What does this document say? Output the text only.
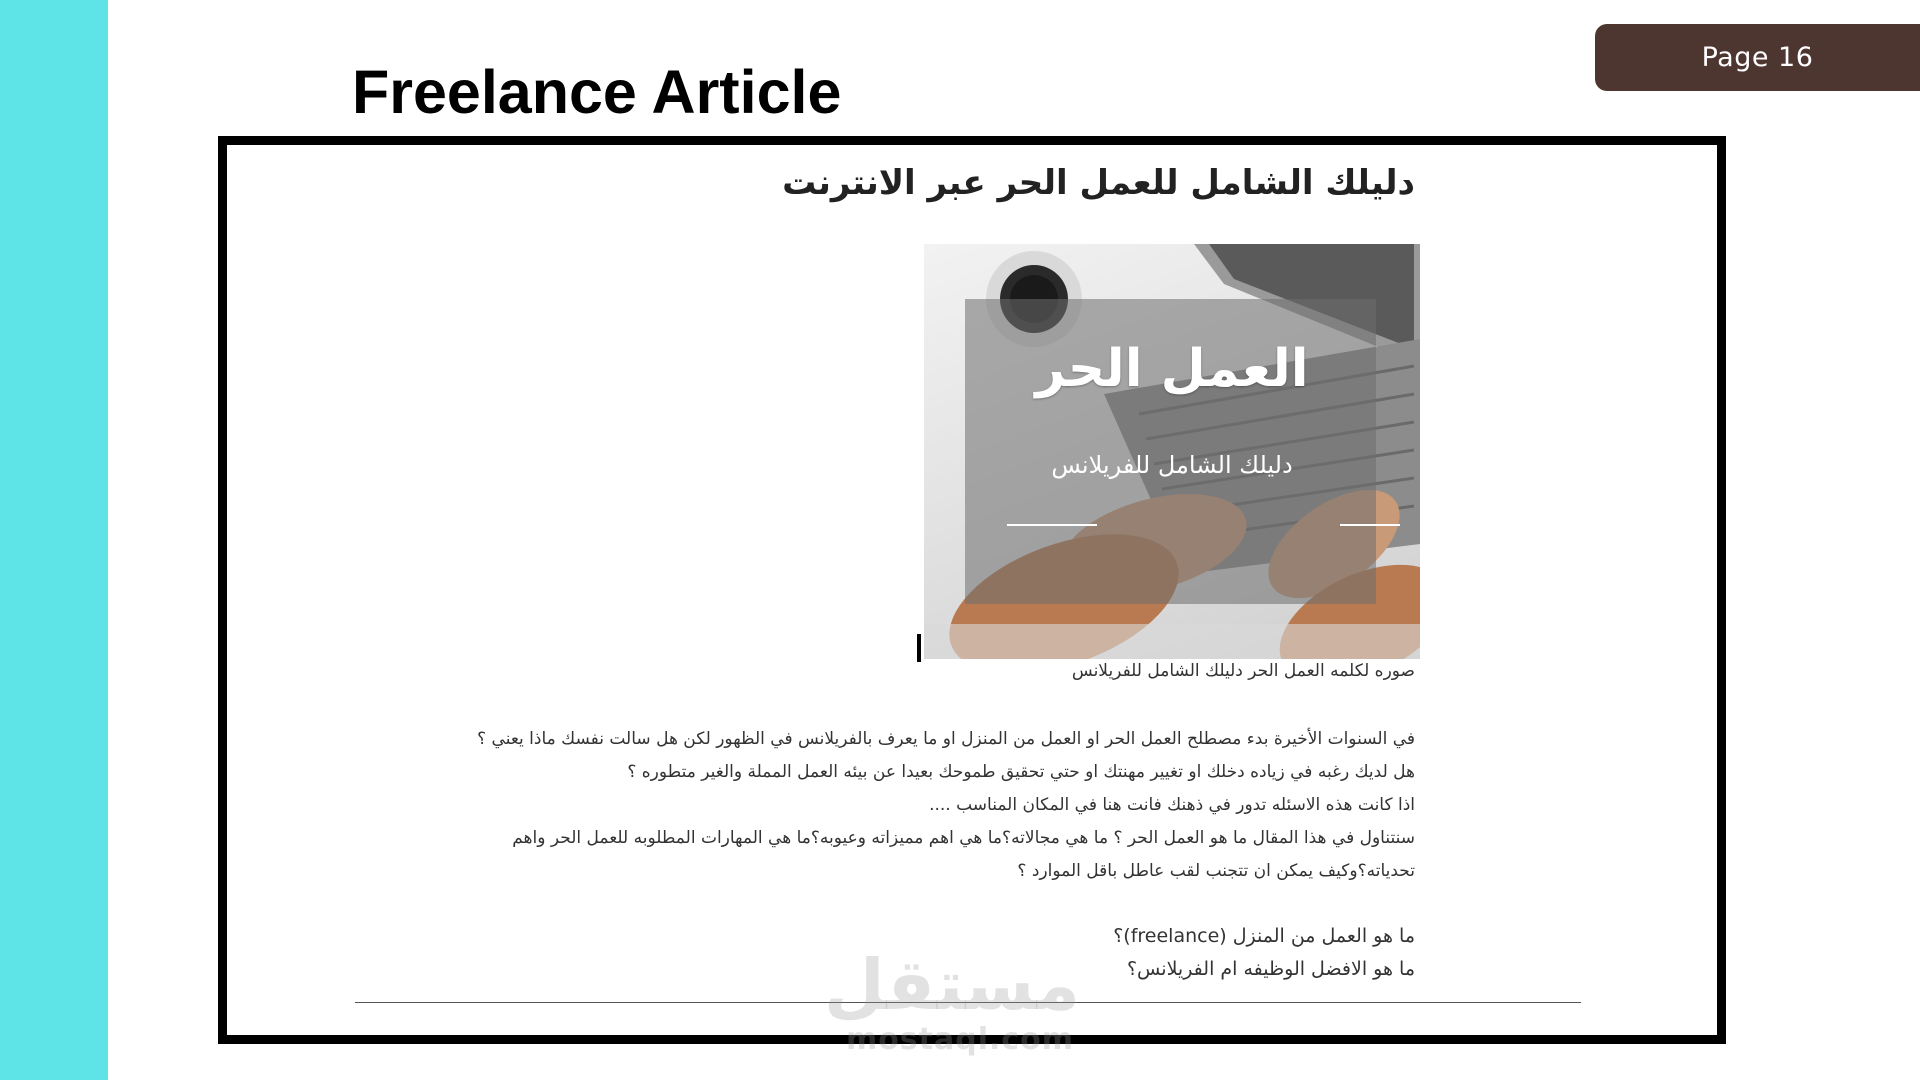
Page 16
Freelance Article
دليلك الشامل للعمل الحر عبر الانترنت
العمل الحر
دليلك الشامل للفريلانس

صوره لكلمه العمل الحر دليلك الشامل للفريلانس

في السنوات الأخيرة بدء مصطلح العمل الحر او العمل من المنزل او ما يعرف بالفريلانس في الظهور لكن هل سالت نفسك ماذا يعني ؟

هل لديك رغبه في زياده دخلك او تغيير مهنتك او حتي تحقيق طموحك بعيدا عن بيئه العمل المملة والغير متطوره ؟

اذا كانت هذه الاسئله تدور في ذهنك فانت هنا في المكان المناسب ....

سنتناول في هذا المقال ما هو العمل الحر ؟ ما هي مجالاته؟ما هي اهم مميزاته وعيوبه؟ما هي المهارات المطلوبه للعمل الحر واهم

تحدياته؟وكيف يمكن ان تتجنب لقب عاطل باقل الموارد ؟

ما هو العمل من المنزل (freelance)؟

ما هو الافضل الوظيفه ام الفريلانس؟

مستقل
mostaql.com
